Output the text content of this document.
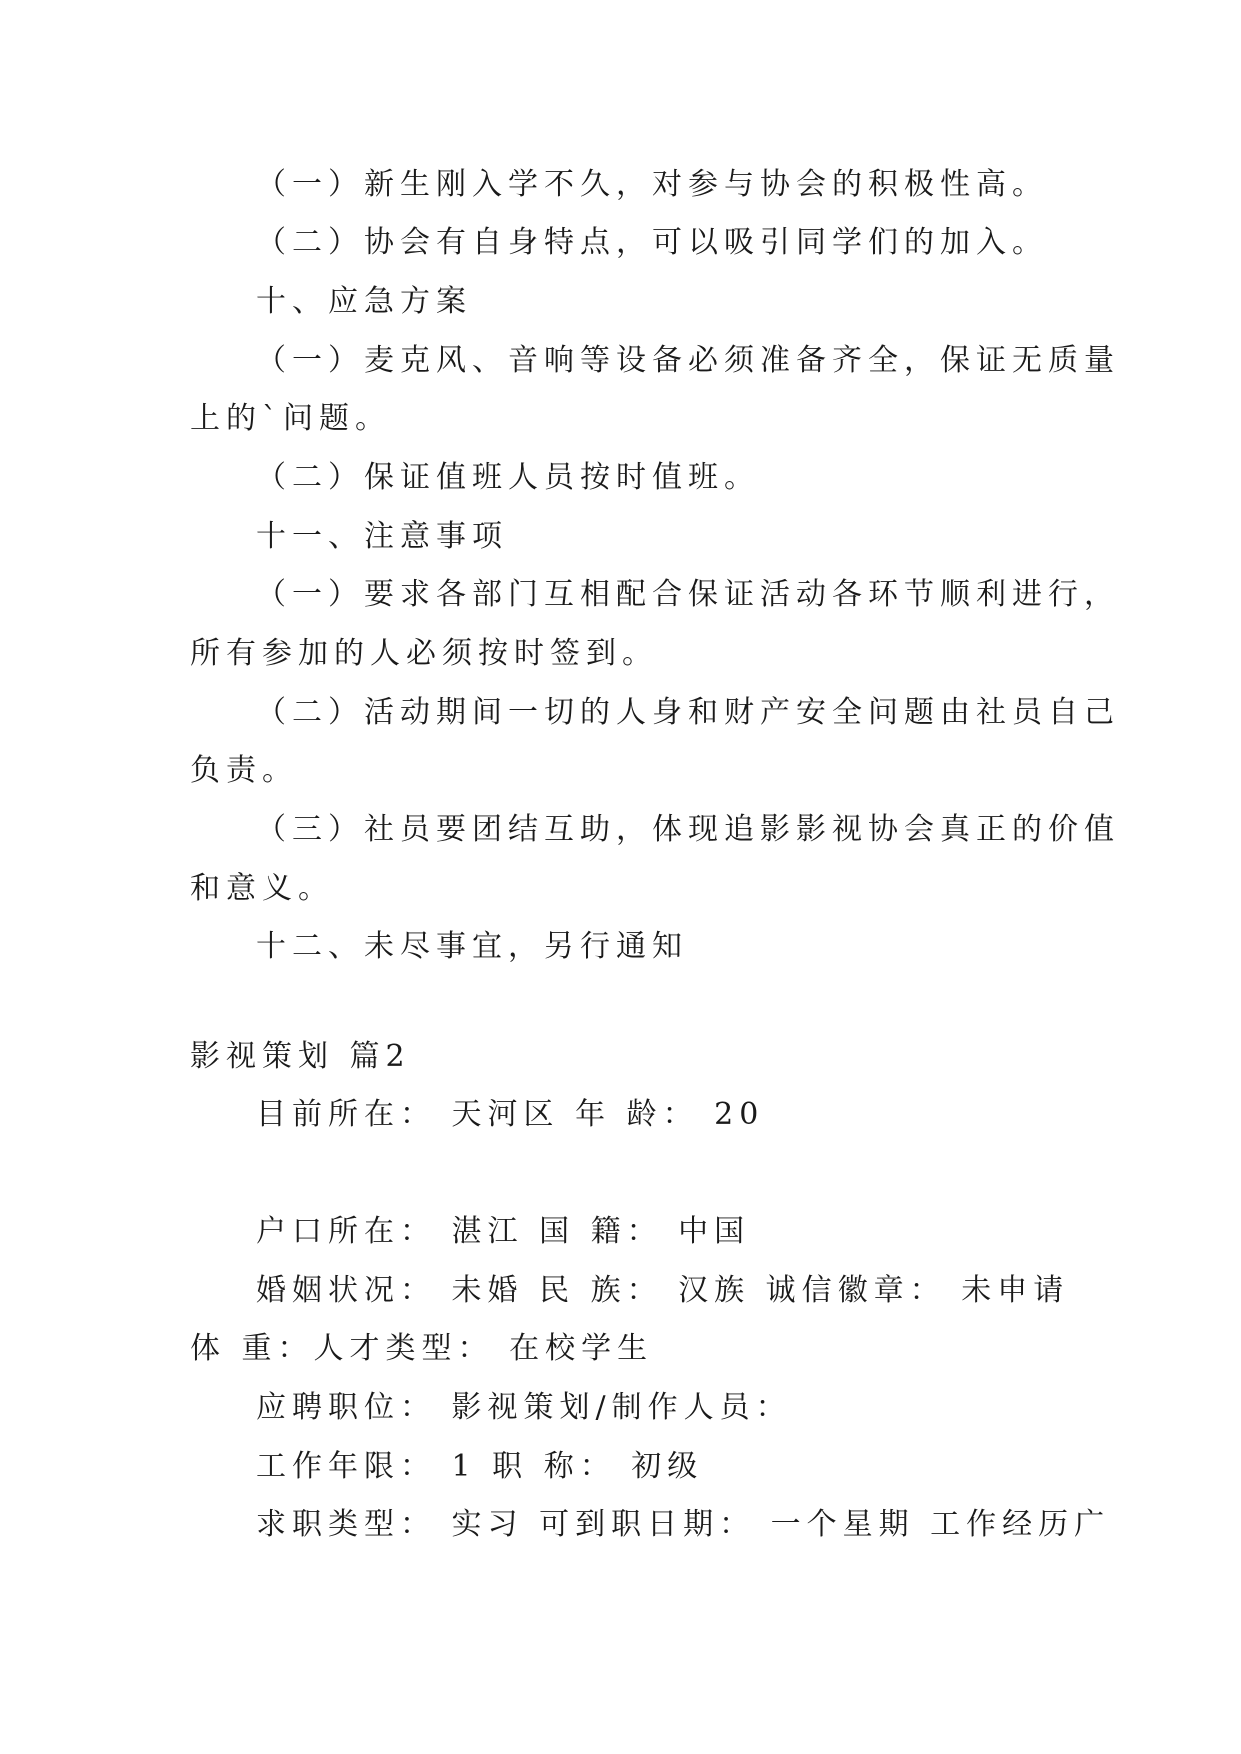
（一）新生刚入学不久，对参与协会的积极性高。
（二）协会有自身特点，可以吸引同学们的加入。
十、应急方案
（一）麦克风、音响等设备必须准备齐全，保证无质量
上的`问题。
（二）保证值班人员按时值班。
十一、注意事项
（一）要求各部门互相配合保证活动各环节顺利进行，
所有参加的人必须按时签到。
（二）活动期间一切的人身和财产安全问题由社员自己
负责。
（三）社员要团结互助，体现追影影视协会真正的价值
和意义。
十二、未尽事宜，另行通知
影视策划 篇2
目前所在： 天河区 年 龄： 20
户口所在： 湛江 国 籍： 中国
婚姻状况： 未婚 民 族： 汉族 诚信徽章： 未申请
体 重：人才类型： 在校学生
应聘职位： 影视策划/制作人员：
工作年限： 1 职 称： 初级
求职类型： 实习 可到职日期： 一个星期 工作经历广
